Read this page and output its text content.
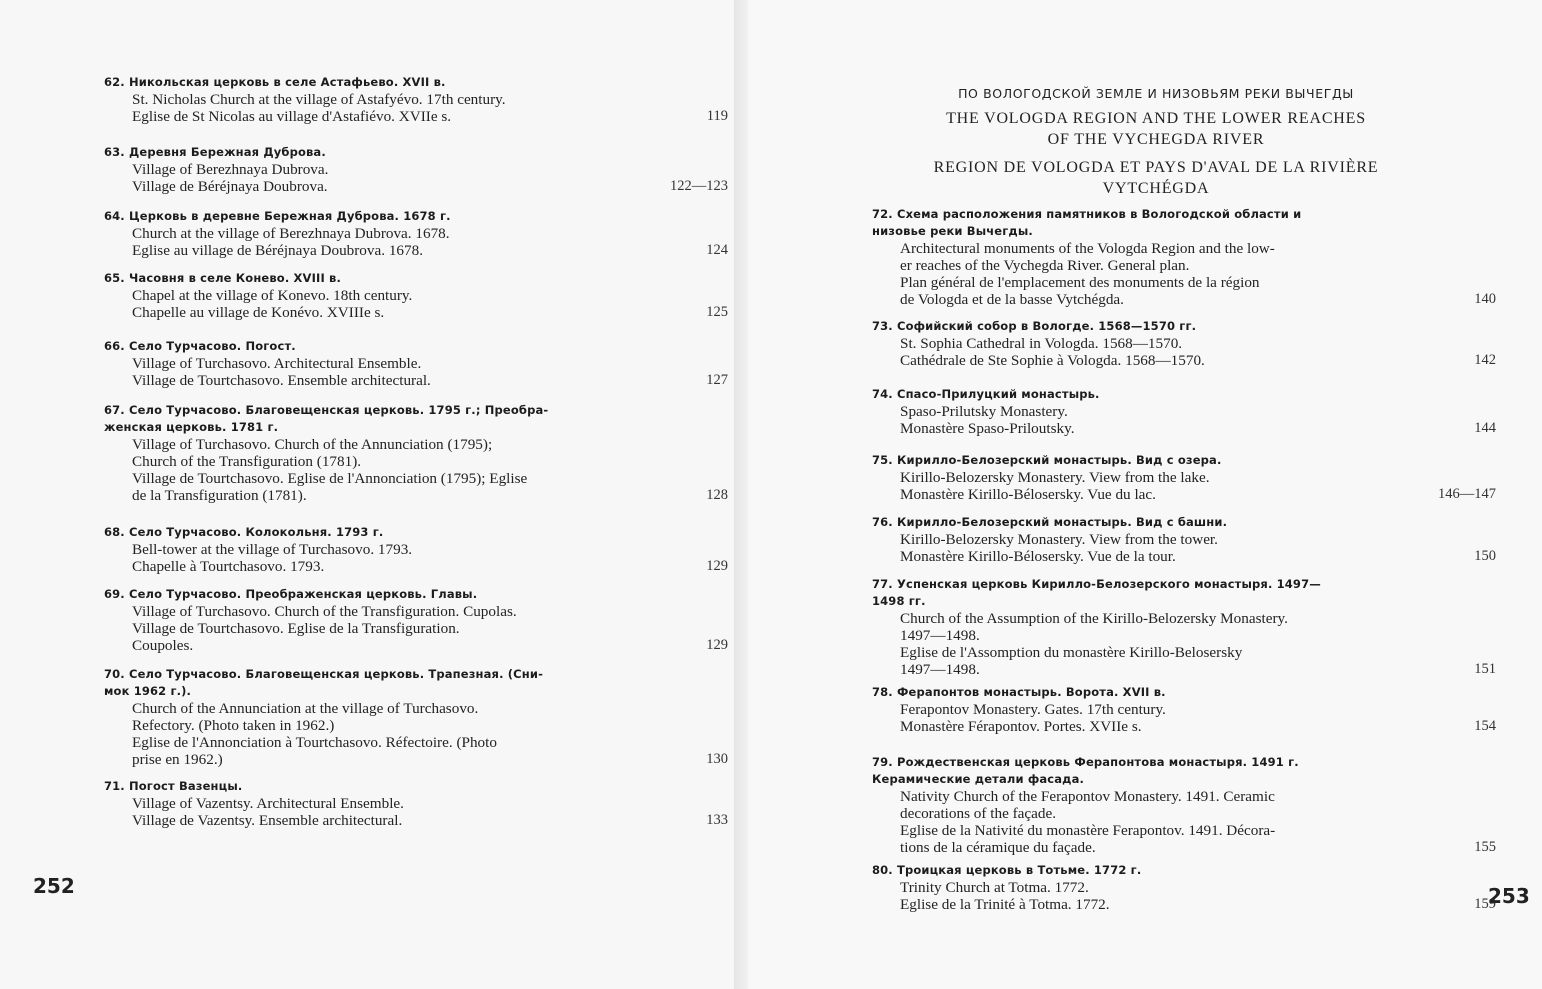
62. Никольская церковь в селе Астафьево. XVII в.
St. Nicholas Church at the village of Astafyévo. 17th century.
Eglise de St Nicolas au village d'Astafiévo. XVIIe s.	119
63. Деревня Бережная Дуброва.
Village of Berezhnaya Dubrova.
Village de Béréjnaya Doubrova.	122—123
64. Церковь в деревне Бережная Дуброва. 1678 г.
Church at the village of Berezhnaya Dubrova. 1678.
Eglise au village de Béréjnaya Doubrova. 1678.	124
65. Часовня в селе Конево. XVIII в.
Chapel at the village of Konevo. 18th century.
Chapelle au village de Konévo. XVIIIe s.	125
66. Село Турчасово. Погост.
Village of Turchasovo. Architectural Ensemble.
Village de Tourtchasovo. Ensemble architectural.	127
67. Село Турчасово. Благовещенская церковь. 1795 г.; Преобра-
женская церковь. 1781 г.
Village of Turchasovo. Church of the Annunciation (1795);
Church of the Transfiguration (1781).
Village de Tourtchasovo. Eglise de l'Annonciation (1795); Eglise
de la Transfiguration (1781).	128
68. Село Турчасово. Колокольня. 1793 г.
Bell-tower at the village of Turchasovo. 1793.
Chapelle à Tourtchasovo. 1793.	129
69. Село Турчасово. Преображенская церковь. Главы.
Village of Turchasovo. Church of the Transfiguration. Cupolas.
Village de Tourtchasovo. Eglise de la Transfiguration.
Coupoles.	129
70. Село Турчасово. Благовещенская церковь. Трапезная. (Сни-
мок 1962 г.).
Church of the Annunciation at the village of Turchasovo.
Refectory. (Photo taken in 1962.)
Eglise de l'Annonciation à Tourtchasovo. Réfectoire. (Photo
prise en 1962.)	130
71. Погост Вазенцы.
Village of Vazentsy. Architectural Ensemble.
Village de Vazentsy. Ensemble architectural.	133
252
ПО ВОЛОГОДСКОЙ ЗЕМЛЕ И НИЗОВЬЯМ РЕКИ ВЫЧЕГДЫ
THE VOLOGDA REGION AND THE LOWER REACHES
OF THE VYCHEGDA RIVER
REGION DE VOLOGDA ET PAYS D'AVAL DE LA RIVIÈRE
VYTCHÉGDA
72. Схема расположения памятников в Вологодской области и
низовье реки Вычегды.
Architectural monuments of the Vologda Region and the low-
er reaches of the Vychegda River. General plan.
Plan général de l'emplacement des monuments de la région
de Vologda et de la basse Vytchégda.	140
73. Софийский собор в Вологде. 1568—1570 гг.
St. Sophia Cathedral in Vologda. 1568—1570.
Cathédrale de Ste Sophie à Vologda. 1568—1570.	142
74. Спасо-Прилуцкий монастырь.
Spaso-Prilutsky Monastery.
Monastère Spaso-Priloutsky.	144
75. Кирилло-Белозерский монастырь. Вид с озера.
Kirillo-Belozersky Monastery. View from the lake.
Monastère Kirillo-Bélosersky. Vue du lac.	146—147
76. Кирилло-Белозерский монастырь. Вид с башни.
Kirillo-Belozersky Monastery. View from the tower.
Monastère Kirillo-Bélosersky. Vue de la tour.	150
77. Успенская церковь Кирилло-Белозерского монастыря. 1497—
1498 гг.
Church of the Assumption of the Kirillo-Belozersky Monastery.
1497—1498.
Eglise de l'Assomption du monastère Kirillo-Belosersky
1497—1498.	151
78. Ферапонтов монастырь. Ворота. XVII в.
Ferapontov Monastery. Gates. 17th century.
Monastère Férapontov. Portes. XVIIe s.	154
79. Рождественская церковь Ферапонтова монастыря. 1491 г.
Керамические детали фасада.
Nativity Church of the Ferapontov Monastery. 1491. Ceramic
decorations of the façade.
Eglise de la Nativité du monastère Ferapontov. 1491. Décora-
tions de la céramique du façade.	155
80. Троицкая церковь в Тотьме. 1772 г.
Trinity Church at Totma. 1772.
Eglise de la Trinité à Totma. 1772.	159
253
